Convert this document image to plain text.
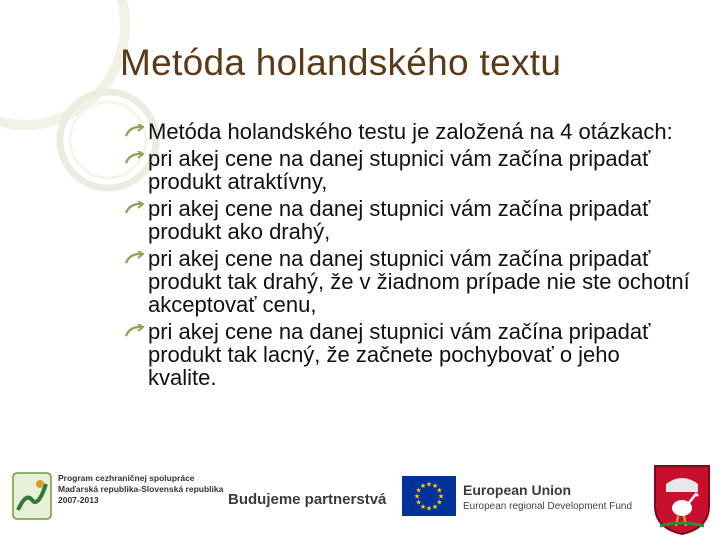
Metóda holandského textu
Metóda holandského testu je založená na 4 otázkach:
pri akej cene na danej stupnici vám začína pripadať produkt atraktívny,
pri akej cene na danej stupnici vám začína pripadať produkt ako drahý,
pri akej cene na danej stupnici vám začína pripadať produkt tak drahý, že v žiadnom prípade nie ste ochotní akceptovať cenu,
pri akej cene na danej stupnici vám začína pripadať produkt tak lacný, že začnete pochybovať o jeho kvalite.
Program cezhraničnej spolupráce
Maďarská republika-Slovenská republika
2007-2013	Budujeme partnerstvá	★
★
★
★
★
★
★
★
★ ★ ★
★ European Union
European regional Development Fund
